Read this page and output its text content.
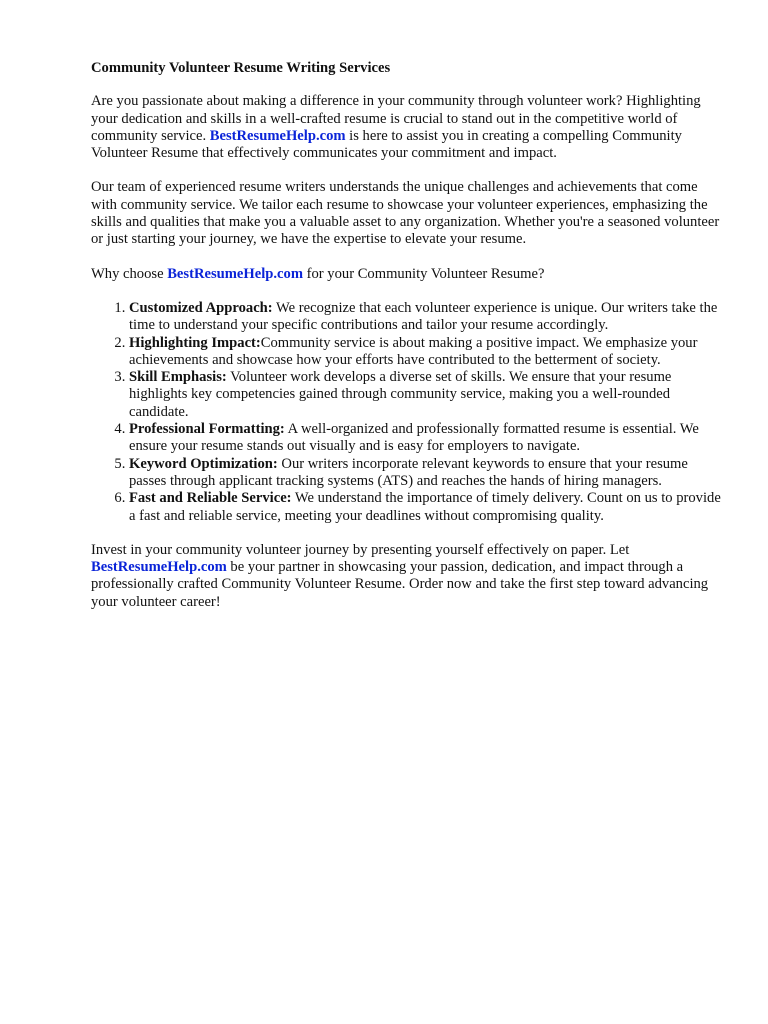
Community Volunteer Resume Writing Services

Are you passionate about making a difference in your community through volunteer work? Highlighting your dedication and skills in a well-crafted resume is crucial to stand out in the competitive world of community service. BestResumeHelp.com is here to assist you in creating a compelling Community Volunteer Resume that effectively communicates your commitment and impact.

Our team of experienced resume writers understands the unique challenges and achievements that come with community service. We tailor each resume to showcase your volunteer experiences, emphasizing the skills and qualities that make you a valuable asset to any organization. Whether you're a seasoned volunteer or just starting your journey, we have the expertise to elevate your resume.

Why choose BestResumeHelp.com for your Community Volunteer Resume?

1. Customized Approach: We recognize that each volunteer experience is unique. Our writers take the time to understand your specific contributions and tailor your resume accordingly.
2. Highlighting Impact:Community service is about making a positive impact. We emphasize your achievements and showcase how your efforts have contributed to the betterment of society.
3. Skill Emphasis: Volunteer work develops a diverse set of skills. We ensure that your resume highlights key competencies gained through community service, making you a well-rounded candidate.
4. Professional Formatting: A well-organized and professionally formatted resume is essential. We ensure your resume stands out visually and is easy for employers to navigate.
5. Keyword Optimization: Our writers incorporate relevant keywords to ensure that your resume passes through applicant tracking systems (ATS) and reaches the hands of hiring managers.
6. Fast and Reliable Service: We understand the importance of timely delivery. Count on us to provide a fast and reliable service, meeting your deadlines without compromising quality.

Invest in your community volunteer journey by presenting yourself effectively on paper. Let BestResumeHelp.com be your partner in showcasing your passion, dedication, and impact through a professionally crafted Community Volunteer Resume. Order now and take the first step toward advancing your volunteer career!
